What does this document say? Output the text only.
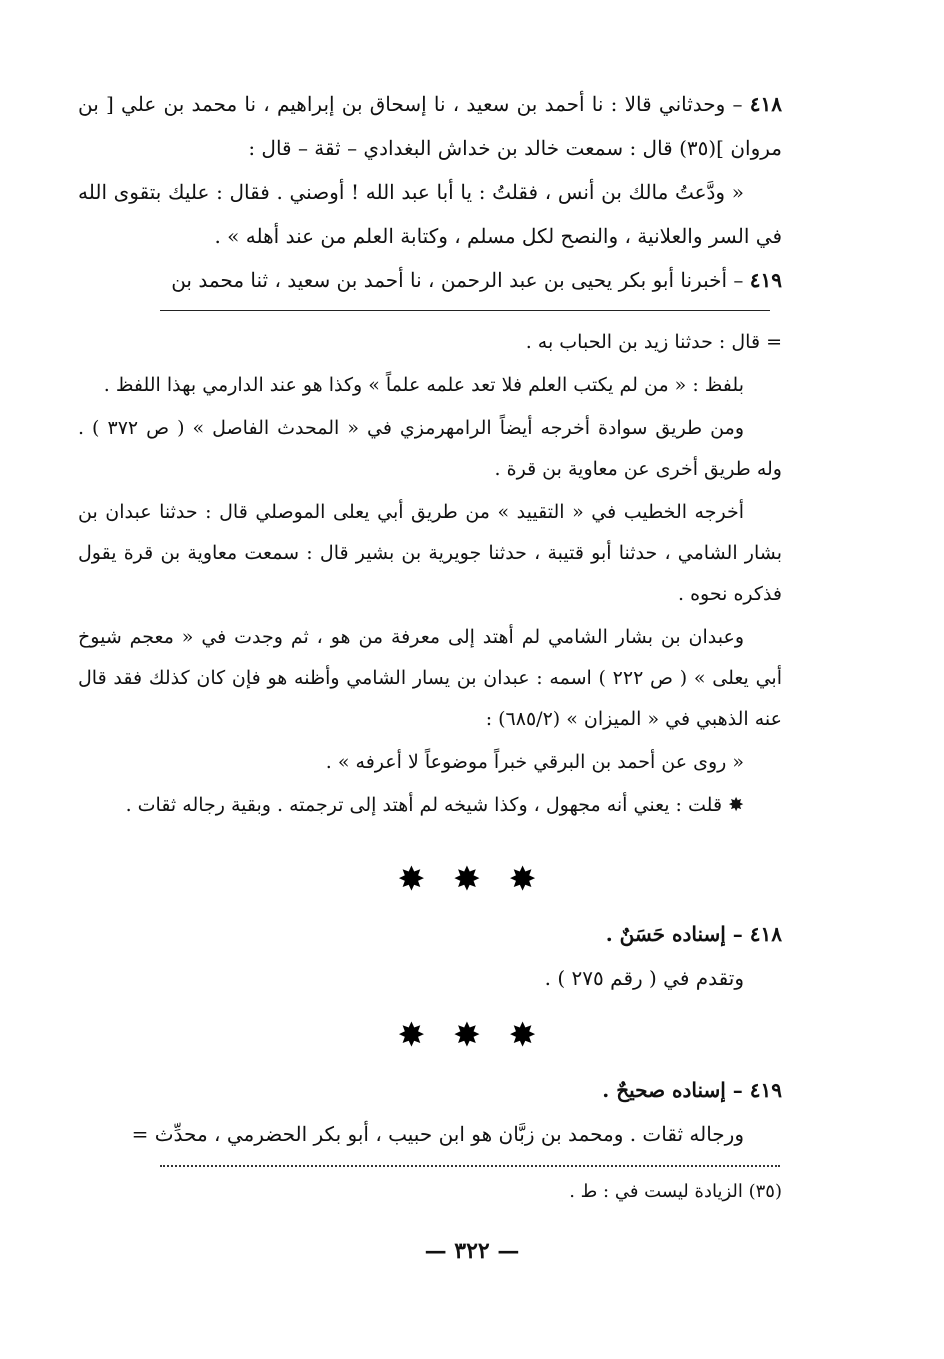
٤١٨ – وحدثاني قالا : نا أحمد بن سعيد ، نا إسحاق بن إبراهيم ، نا محمد بن علي [ بن مروان ](٣٥) قال : سمعت خالد بن خداش البغدادي – ثقة – قال :

« ودَّعتُ مالك بن أنس ، فقلتُ : يا أبا عبد الله ! أوصني . فقال : عليك بتقوى الله في السر والعلانية ، والنصح لكل مسلم ، وكتابة العلم من عند أهله » .

٤١٩ – أخبرنا أبو بكر يحيى بن عبد الرحمن ، نا أحمد بن سعيد ، ثنا محمد بن

= قال : حدثنا زيد بن الحباب به .

بلفظ : « من لم يكتب العلم فلا تعد علمه علماً » وكذا هو عند الدارمي بهذا اللفظ .

ومن طريق سوادة أخرجه أيضاً الرامهرمزي في « المحدث الفاصل » ( ص ٣٧٢ ) . وله طريق أخرى عن معاوية بن قرة .

أخرجه الخطيب في « التقييد » من طريق أبي يعلى الموصلي قال : حدثنا عبدان بن بشار الشامي ، حدثنا أبو قتيبة ، حدثنا جويرية بن بشير قال : سمعت معاوية بن قرة يقول فذكره نحوه .

وعبدان بن بشار الشامي لم أهتد إلى معرفة من هو ، ثم وجدت في « معجم شيوخ أبي يعلى » ( ص ٢٢٢ ) اسمه : عبدان بن يسار الشامي وأظنه هو فإن كان كذلك فقد قال عنه الذهبي في « الميزان » (٦٨٥/٢) :

« روى عن أحمد بن البرقي خبراً موضوعاً لا أعرفه » .

✸ قلت : يعني أنه مجهول ، وكذا شيخه لم أهتد إلى ترجمته . وبقية رجاله ثقات .

✸ ✸ ✸

٤١٨ – إسناده حَسَنٌ .

وتقدم في ( رقم ٢٧٥ ) .

✸ ✸ ✸

٤١٩ – إسناده صحيحٌ .

ورجاله ثقات . ومحمد بن زبَّان هو ابن حبيب ، أبو بكر الحضرمي ، محدِّث =

(٣٥) الزيادة ليست في : ط .
— ٣٢٢ —
